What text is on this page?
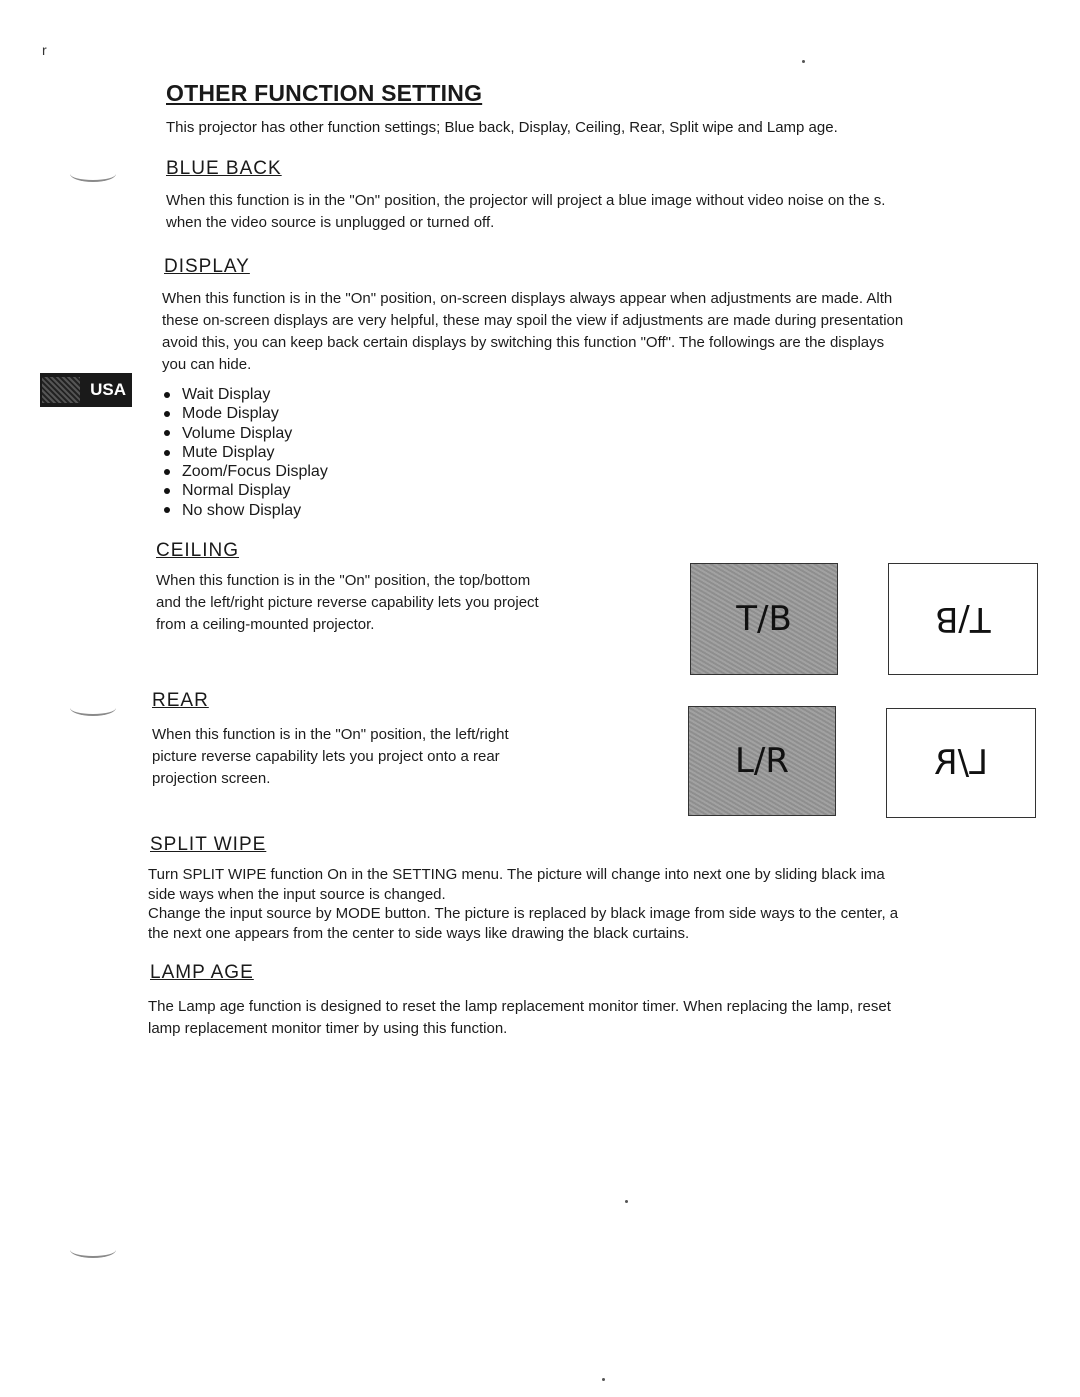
r
USA
OTHER FUNCTION SETTING

This projector has other function settings; Blue back, Display, Ceiling, Rear, Split wipe and Lamp age.

BLUE BACK
When this function is in the "On" position, the projector will project a blue image without video noise on the s.
when the video source is unplugged or turned off.
DISPLAY
When this function is in the "On" position, on-screen displays always appear when adjustments are made. Alth
these on-screen displays are very helpful, these may spoil the view if adjustments are made during presentation
avoid this, you can keep back certain displays by switching this function "Off". The followings are the displays
you can hide.
Wait Display
Mode Display
Volume Display
Mute Display
Zoom/Focus Display
Normal Display
No show Display
CEILING
When this function is in the "On" position, the top/bottom
and the left/right picture reverse capability lets you project
from a ceiling-mounted projector.	T/B	T/B
REAR
When this function is in the "On" position, the left/right
picture reverse capability lets you project onto a rear
projection screen.	L/R	L/R
SPLIT WIPE
Turn SPLIT WIPE function On in the SETTING menu. The picture will change into next one by sliding black ima
side ways when the input source is changed.
Change the input source by MODE button. The picture is replaced by black image from side ways to the center, a
the next one appears from the center to side ways like drawing the black curtains.
LAMP AGE
The Lamp age function is designed to reset the lamp replacement monitor timer. When replacing the lamp, reset
lamp replacement monitor timer by using this function.
